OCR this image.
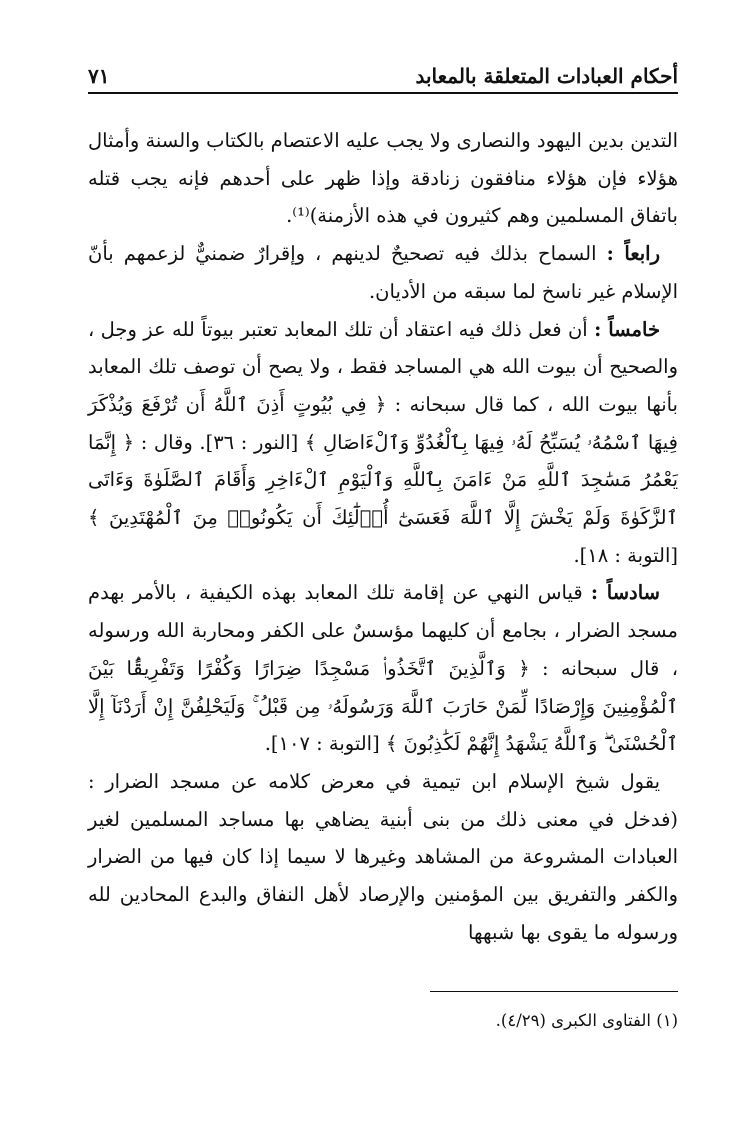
أحكام العبادات المتعلقة بالمعابد
٧١

التدين بدين اليهود والنصارى ولا يجب عليه الاعتصام بالكتاب والسنة وأمثال هؤلاء فإن هؤلاء منافقون زنادقة وإذا ظهر على أحدهم فإنه يجب قتله باتفاق المسلمين وهم كثيرون في هذه الأزمنة)⁽¹⁾.

رابعاً : السماح بذلك فيه تصحيحٌ لدينهم ، وإقرارٌ ضمنيٌّ لزعمهم بأنّ الإسلام غير ناسخ لما سبقه من الأديان.

خامساً : أن فعل ذلك فيه اعتقاد أن تلك المعابد تعتبر بيوتاً لله عز وجل ، والصحيح أن بيوت الله هي المساجد فقط ، ولا يصح أن توصف تلك المعابد بأنها بيوت الله ، كما قال سبحانه : ﴿ فِي بُيُوتٍ أَذِنَ ٱللَّهُ أَن تُرْفَعَ وَيُذْكَرَ فِيهَا ٱسْمُهُۥ يُسَبِّحُ لَهُۥ فِيهَا بِٱلْغُدُوِّ وَٱلْءَاصَالِ ﴾ [النور : ٣٦]. وقال : ﴿ إِنَّمَا يَعْمُرُ مَسَٰجِدَ ٱللَّهِ مَنْ ءَامَنَ بِٱللَّهِ وَٱلْيَوْمِ ٱلْءَاخِرِ وَأَقَامَ ٱلصَّلَوٰةَ وَءَاتَى ٱلزَّكَوٰةَ وَلَمْ يَخْشَ إِلَّا ٱللَّهَ فَعَسَىٰٓ أُو۟لَٰٓئِكَ أَن يَكُونُوا۟ مِنَ ٱلْمُهْتَدِينَ ﴾ [التوبة : ١٨].

سادساً : قياس النهي عن إقامة تلك المعابد بهذه الكيفية ، بالأمر بهدم مسجد الضرار ، بجامع أن كليهما مؤسسٌ على الكفر ومحاربة الله ورسوله ، قال سبحانه : ﴿ وَٱلَّذِينَ ٱتَّخَذُوا۟ مَسْجِدًا ضِرَارًا وَكُفْرًا وَتَفْرِيقًۢا بَيْنَ ٱلْمُؤْمِنِينَ وَإِرْصَادًا لِّمَنْ حَارَبَ ٱللَّهَ وَرَسُولَهُۥ مِن قَبْلُ ۚ وَلَيَحْلِفُنَّ إِنْ أَرَدْنَآ إِلَّا ٱلْحُسْنَىٰ ۖ وَٱللَّهُ يَشْهَدُ إِنَّهُمْ لَكَٰذِبُونَ ﴾ [التوبة : ١٠٧].

يقول شيخ الإسلام ابن تيمية في معرض كلامه عن مسجد الضرار : (فدخل في معنى ذلك من بنى أبنية يضاهي بها مساجد المسلمين لغير العبادات المشروعة من المشاهد وغيرها لا سيما إذا كان فيها من الضرار والكفر والتفريق بين المؤمنين والإرصاد لأهل النفاق والبدع المحادين لله ورسوله ما يقوى بها شبهها

(١) الفتاوى الكبرى (٤/٢٩).
